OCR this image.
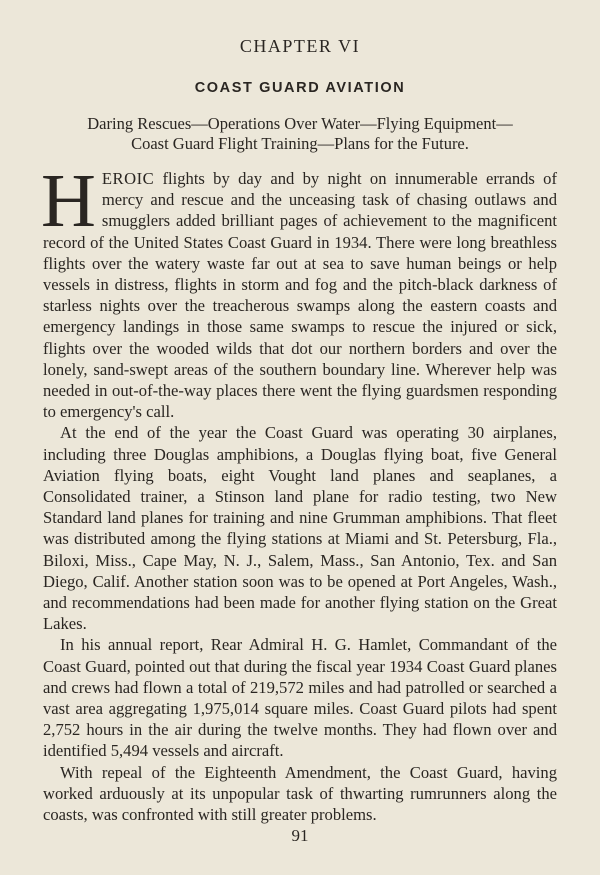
CHAPTER VI
COAST GUARD AVIATION
Daring Rescues—Operations Over Water—Flying Equipment—
Coast Guard Flight Training—Plans for the Future.

HEROIC flights by day and by night on innumerable errands of mercy and rescue and the unceasing task of chasing outlaws and smugglers added brilliant pages of achievement to the magnificent record of the United States Coast Guard in 1934. There were long breathless flights over the watery waste far out at sea to save human beings or help vessels in distress, flights in storm and fog and the pitch-black darkness of starless nights over the treacherous swamps along the eastern coasts and emergency landings in those same swamps to rescue the injured or sick, flights over the wooded wilds that dot our northern borders and over the lonely, sand-swept areas of the southern boundary line. Wherever help was needed in out-of-the-way places there went the flying guardsmen responding to emergency's call.

At the end of the year the Coast Guard was operating 30 airplanes, including three Douglas amphibions, a Douglas flying boat, five General Aviation flying boats, eight Vought land planes and seaplanes, a Consolidated trainer, a Stinson land plane for radio testing, two New Standard land planes for training and nine Grumman amphibions. That fleet was distributed among the flying stations at Miami and St. Petersburg, Fla., Biloxi, Miss., Cape May, N. J., Salem, Mass., San Antonio, Tex. and San Diego, Calif. Another station soon was to be opened at Port Angeles, Wash., and recommendations had been made for another flying station on the Great Lakes.

In his annual report, Rear Admiral H. G. Hamlet, Commandant of the Coast Guard, pointed out that during the fiscal year 1934 Coast Guard planes and crews had flown a total of 219,572 miles and had patrolled or searched a vast area aggregating 1,975,014 square miles. Coast Guard pilots had spent 2,752 hours in the air during the twelve months. They had flown over and identified 5,494 vessels and aircraft.

With repeal of the Eighteenth Amendment, the Coast Guard, having worked arduously at its unpopular task of thwarting rumrunners along the coasts, was confronted with still greater problems.

91
